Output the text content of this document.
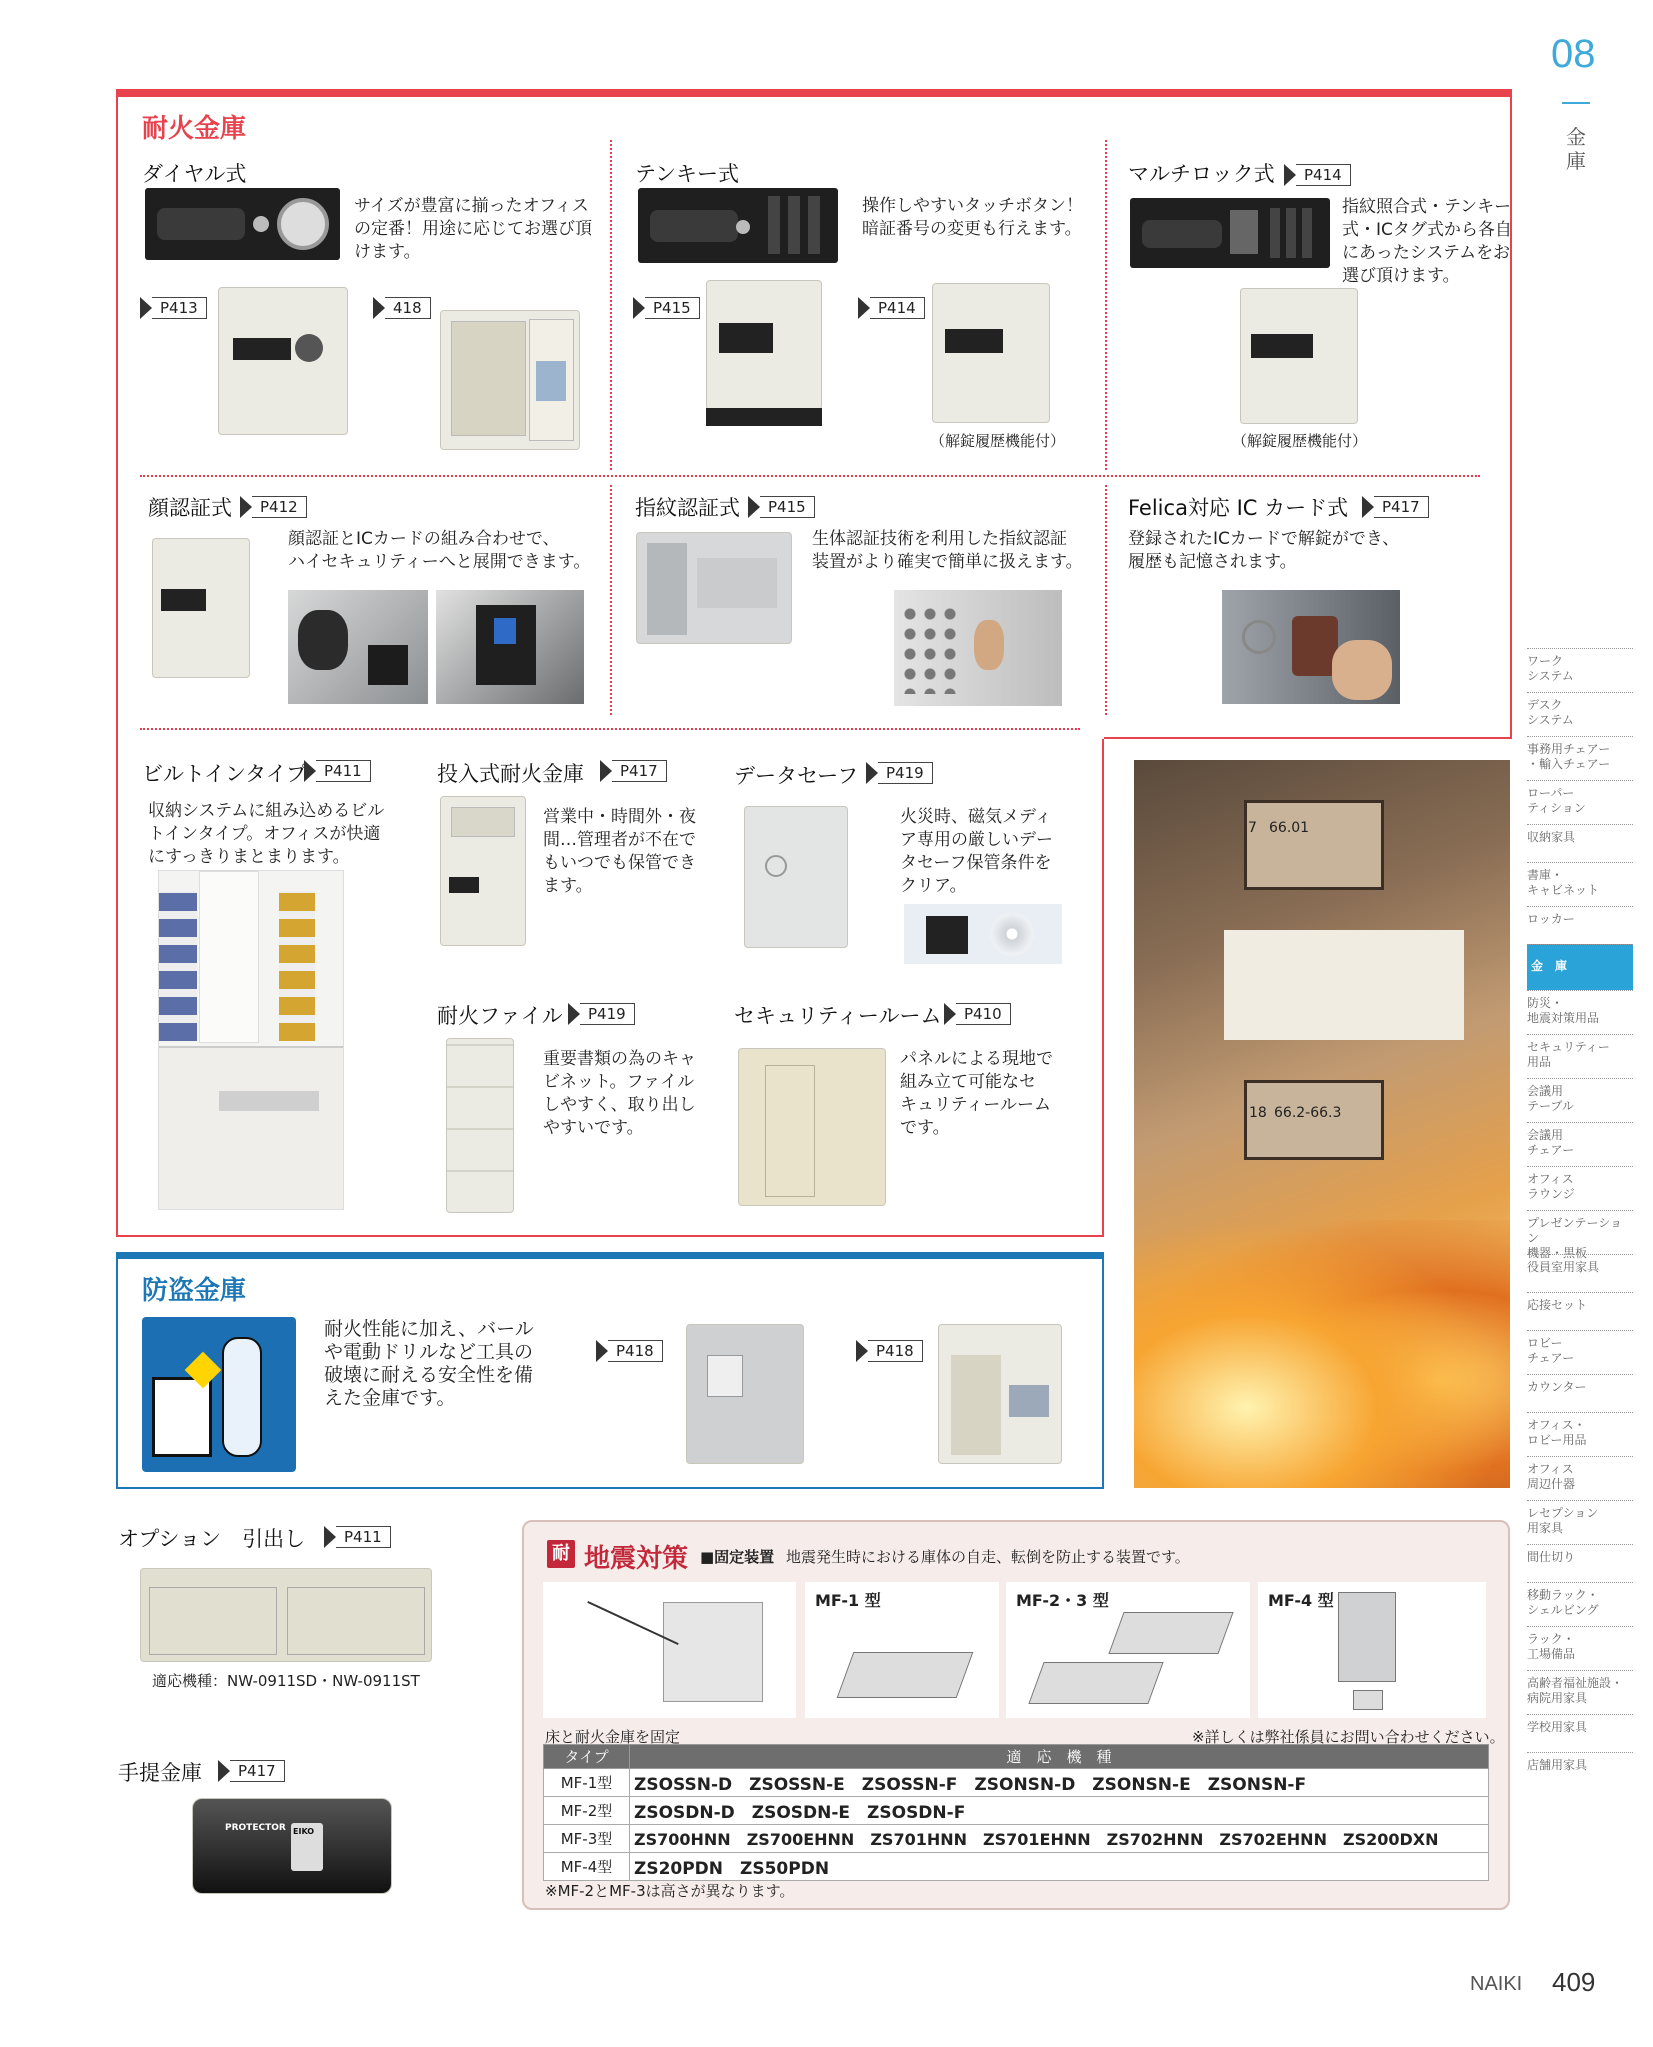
08
金庫
ワーク
システム
デスク
システム
事務用チェアー
・輸入チェアー
ローパー
ティション
収納家具
書庫・
キャビネット
ロッカー
金　庫
防災・
地震対策用品
セキュリティー
用品
会議用
テーブル
会議用
チェアー
オフィス
ラウンジ
プレゼンテーション
機器・黒板
役員室用家具
応接セット
ロビー
チェアー
カウンター
オフィス・
ロビー用品
オフィス
周辺什器
レセプション
用家具
間仕切り
移動ラック・
シェルビング
ラック・
工場備品
高齢者福祉施設・
病院用家具
学校用家具
店舗用家具
耐火金庫
ダイヤル式
サイズが豊富に揃ったオフィス
の定番！用途に応じてお選び頂
けます。
P413	418
テンキー式
操作しやすいタッチボタン！
暗証番号の変更も行えます。
P415	P414
（解錠履歴機能付）
マルチロック式	P414
指紋照合式・テンキー
式・ICタグ式から各自
にあったシステムをお
選び頂けます。
（解錠履歴機能付）
顔認証式	P412
顔認証とICカードの組み合わせで、
ハイセキュリティーへと展開できます。
指紋認証式	P415
生体認証技術を利用した指紋認証
装置がより確実で簡単に扱えます。
Felica対応 IC カード式	P417
登録されたICカードで解錠ができ、
履歴も記憶されます。
ビルトインタイプ	P411
収納システムに組み込めるビル
トインタイプ。オフィスが快適
にすっきりまとまります。
投入式耐火金庫	P417
営業中・時間外・夜
間…管理者が不在で
もいつでも保管でき
ます。
データセーフ	P419
火災時、磁気メディ
ア専用の厳しいデー
タセーフ保管条件を
クリア。
耐火ファイル	P419
重要書類の為のキャ
ビネット。ファイル
しやすく、取り出し
やすいです。
セキュリティールーム	P410
パネルによる現地で
組み立て可能なセ
キュリティールーム
です。
7 66.01
18 66.2-66.3
防盗金庫
耐火性能に加え、バール
や電動ドリルなど工具の
破壊に耐える安全性を備
えた金庫です。
P418	P418
オプション　引出し	P411
適応機種：NW-0911SD・NW-0911ST
手提金庫	P417
PROTECTOR EIKO
耐 地震対策 ■固定装置 地震発生時における庫体の自走、転倒を防止する装置です。
MF-1 型	MF-2・3 型	MF-4 型
床と耐火金庫を固定	※詳しくは弊社係員にお問い合わせください。
タイプ	適　応　機　種
MF-1型	ZSOSSN-D　ZSOSSN-E　ZSOSSN-F　ZSONSN-D　ZSONSN-E　ZSONSN-F
MF-2型	ZSOSDN-D　ZSOSDN-E　ZSOSDN-F
MF-3型	ZS700HNN　ZS700EHNN　ZS701HNN　ZS701EHNN　ZS702HNN　ZS702EHNN　ZS200DXN
MF-4型	ZS20PDN　ZS50PDN
※MF-2とMF-3は高さが異なります。
NAIKI 409
